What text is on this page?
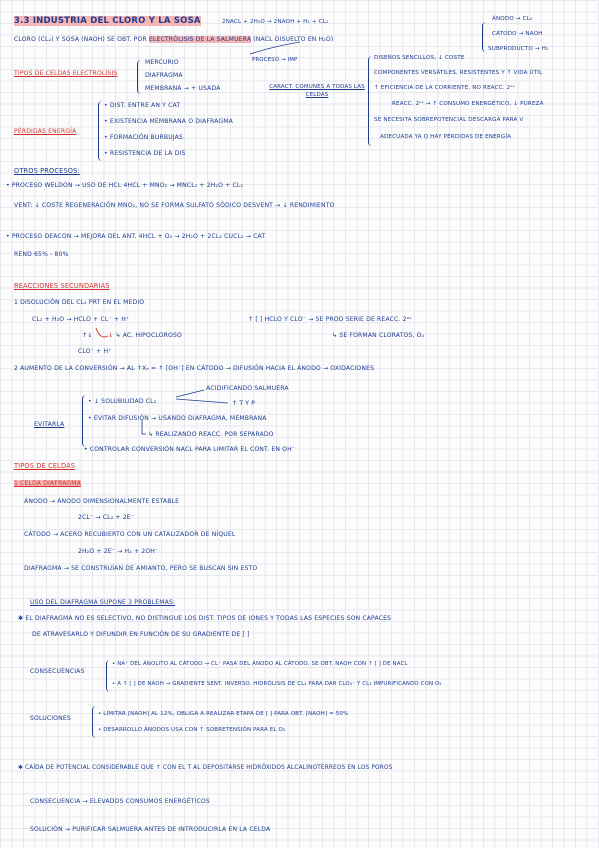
3.3 INDUSTRIA DEL CLORO Y LA SOSA	2NACL + 2H₂O → 2NAOH + H₂ + CL₂	ÁNODO → CL₂
CÁTODO → NAOH
SUBPRODUCTO → H₂
CLORO (CL₂) Y SOSA (NAOH) SE OBT. POR ELECTRÓLISIS DE LA SALMUERA (NACL DISUELTO EN H₂O)
TIPOS DE CELDAS ELECTROLÍSIS
MERCURIO
DIAFRAGMA
MEMBRANA → + USADA
PROCESO → IMP
CARACT. COMUNES A TODAS LAS CELDAS
DISEÑOS SENCILLOS, ↓ COSTE
COMPONENTES VERSÁTILES, RESISTENTES Y ↑ VIDA ÚTIL
↑ EFICIENCIA DE LA CORRIENTE, NO REACC. 2ᵃˢ
REACC. 2ᵃˢ → ↑ CONSUMO ENERGÉTICO, ↓ PUREZA
SE NECESITA SOBREPOTENCIAL DESCARGA PARA V
ADECUADA YA Q HAY PÉRDIDAS DE ENERGÍA
PÉRDIDAS ENERGÍA
• DIST. ENTRE AN Y CAT
• EXISTENCIA MEMBRANA O DIAFRAGMA
• FORMACIÓN BURBUJAS
• RESISTENCIA DE LA DIS
OTROS PROCESOS:
• PROCESO WELDON → USO DE HCL 4HCL + MNO₂ → MNCL₂ + 2H₂O + CL₂
VENT: ↓ COSTE REGENERACIÓN MNO₂, NO SE FORMA SULFATO SÓDICO DESVENT → ↓ RENDIMIENTO
• PROCESO DEACON → MEJORA DEL ANT. 4HCL + O₂ → 2H₂O + 2CL₂ CUCL₂ → CAT
REND 65% - 80%
REACCIONES SECUNDARIAS
1 DISOLUCIÓN DEL CL₂ PRT EN EL MEDIO
CL₂ + H₂O → HCLO + CL⁻ + H⁺	↑ [ ] HCLO Y CLO⁻ → SE PROD SERIE DE REACC. 2ᵃˢ
↳ SE FORMAN CLORATOS, O₂
↓ ↳ AC. HIPOCLOROSO
↑↓
CLO⁻ + H⁺
2 AUMENTO DE LA CONVERSIÓN → AL ↑Xₐ = ↑ [OH⁻] EN CÁTODO → DIFUSIÓN HACIA EL ÁNODO → OXIDACIONES
EVITARLA
ACIDIFICANDO SALMUERA
• ↓ SOLUBILIDAD CL₂	↑ T Y P
• EVITAR DIFUSIÓN → USANDO DIAFRAGMA, MEMBRANA
↳ REALIZANDO REACC. POR SEPARADO
• CONTROLAR CONVERSIÓN NACL PARA LIMITAR EL CONT. EN OH⁻
TIPOS DE CELDAS
1 CELDA DIAFRAGMA
ÁNODO → ÁNODO DIMENSIONALMENTE ESTABLE
2CL⁻ → CL₂ + 2E⁻
CÁTODO → ACERO RECUBIERTO CON UN CATALIZADOR DE NÍQUEL
2H₂O + 2E⁻ → H₂ + 2OH⁻
DIAFRAGMA → SE CONSTRUÍAN DE AMIANTO, PERO SE BUSCAN SIN ESTO
USO DEL DIAFRAGMA SUPONE 3 PROBLEMAS:
✱ EL DIAFRAGMA NO ES SELECTIVO, NO DISTINGUE LOS DIST. TIPOS DE IONES Y TODAS LAS ESPECIES SON CAPACES
DE ATRAVESARLO Y DIFUNDIR EN FUNCIÓN DE SU GRADIENTE DE [ ]
CONSECUENCIAS
• NA⁺ DEL ÁNOLITO AL CÁTODO → CL⁻ PASA DEL ÁNODO AL CÁTODO, SE OBT. NAOH CON ↑ [ ] DE NACL
• A ↑ [ ] DE NAOH → GRADIENTE SENT. INVERSO. HIDRÓLISIS DE CL₂ PARA DAR CLO₃⁻ Y CL₂ IMPURIFICANDO CON O₂
SOLUCIONES
• LIMITAR [NAOH] AL 12%, OBLIGA A REALIZAR ETAPA DE [ ] PARA OBT. [NAOH] = 50%
• DESARROLLO ÁNODOS USA CON ↑ SOBRETENSIÓN PARA EL O₂
✱ CAÍDA DE POTENCIAL CONSIDERABLE QUE ↑ CON EL T AL DEPOSITARSE HIDRÓXIDOS ALCALINOTÉRREOS EN LOS POROS
CONSECUENCIA → ELEVADOS CONSUMOS ENERGÉTICOS
SOLUCIÓN → PURIFICAR SALMUERA ANTES DE INTRODUCIRLA EN LA CELDA
